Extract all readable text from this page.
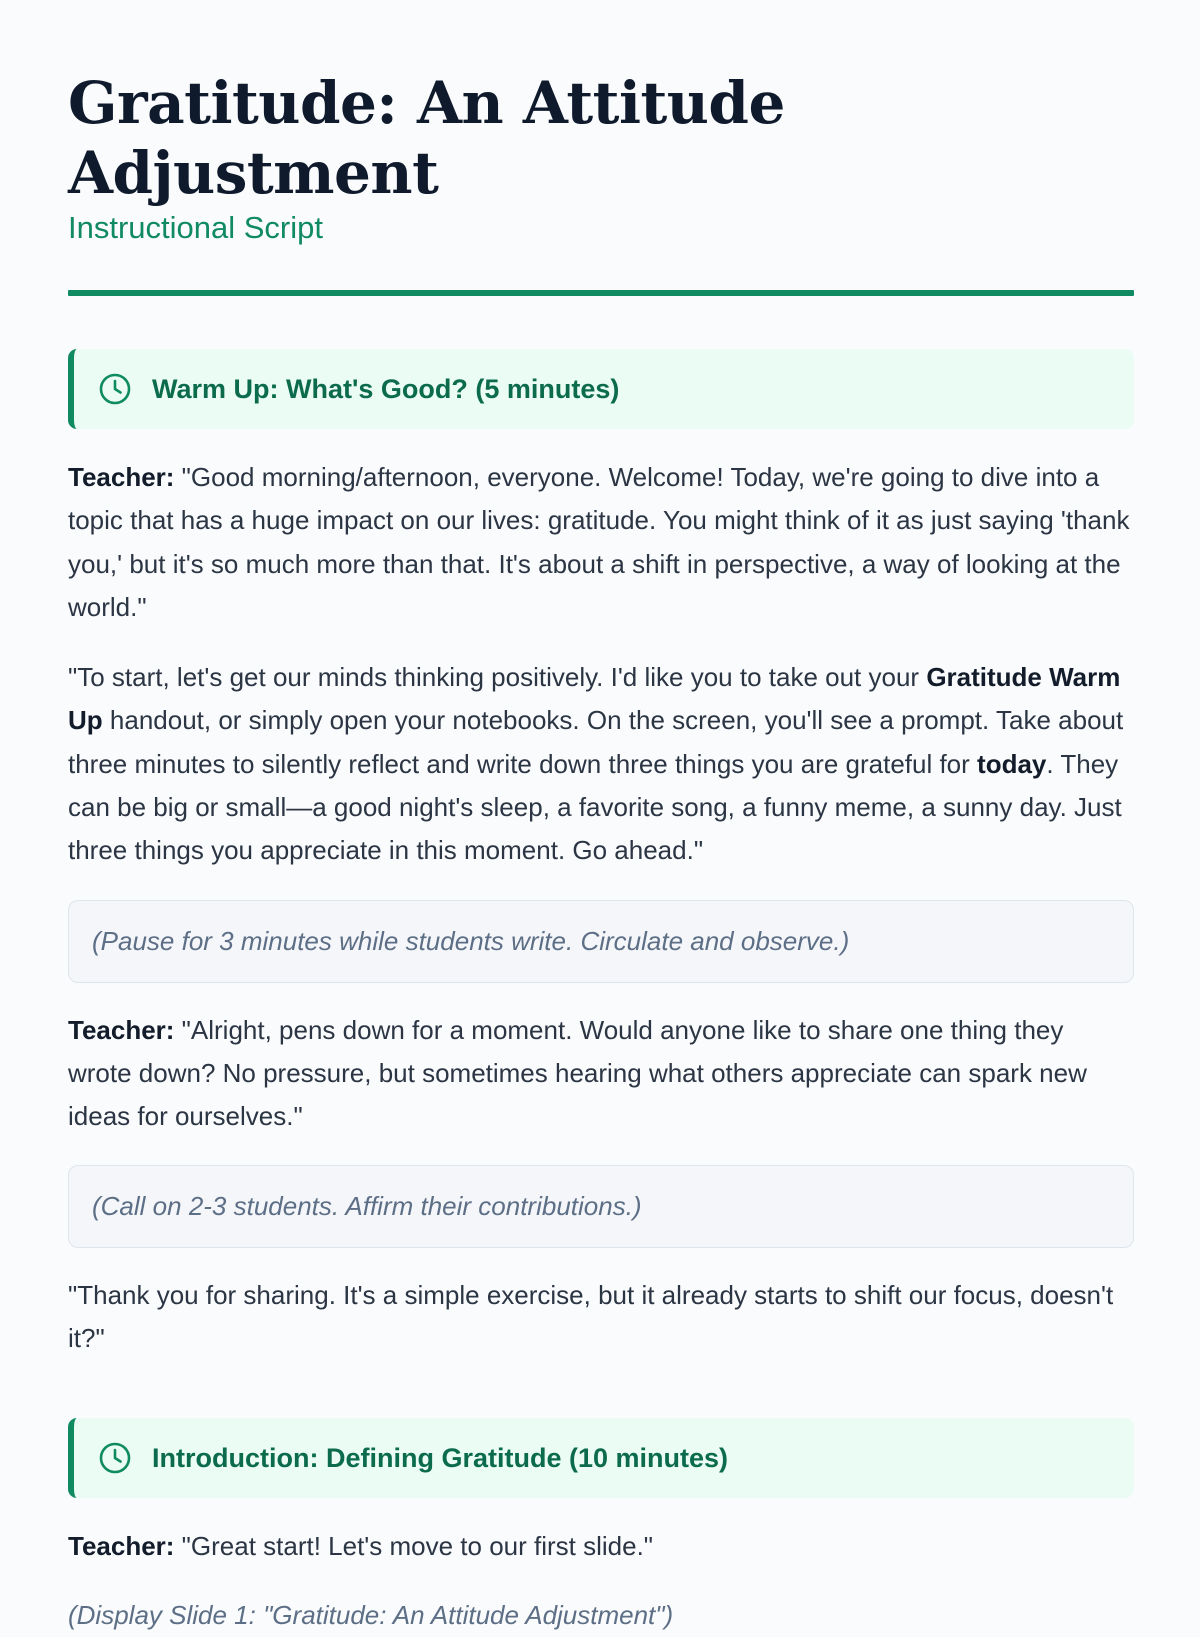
Gratitude: An Attitude Adjustment
Instructional Script
Warm Up: What's Good? (5 minutes)

Teacher: "Good morning/afternoon, everyone. Welcome! Today, we're going to dive into a topic that has a huge impact on our lives: gratitude. You might think of it as just saying 'thank you,' but it's so much more than that. It's about a shift in perspective, a way of looking at the world."

"To start, let's get our minds thinking positively. I'd like you to take out your Gratitude Warm Up handout, or simply open your notebooks. On the screen, you'll see a prompt. Take about three minutes to silently reflect and write down three things you are grateful for today. They can be big or small—a good night's sleep, a favorite song, a funny meme, a sunny day. Just three things you appreciate in this moment. Go ahead."

(Pause for 3 minutes while students write. Circulate and observe.)

Teacher: "Alright, pens down for a moment. Would anyone like to share one thing they wrote down? No pressure, but sometimes hearing what others appreciate can spark new ideas for ourselves."

(Call on 2-3 students. Affirm their contributions.)

"Thank you for sharing. It's a simple exercise, but it already starts to shift our focus, doesn't it?"

Introduction: Defining Gratitude (10 minutes)

Teacher: "Great start! Let's move to our first slide."

(Display Slide 1: "Gratitude: An Attitude Adjustment")
